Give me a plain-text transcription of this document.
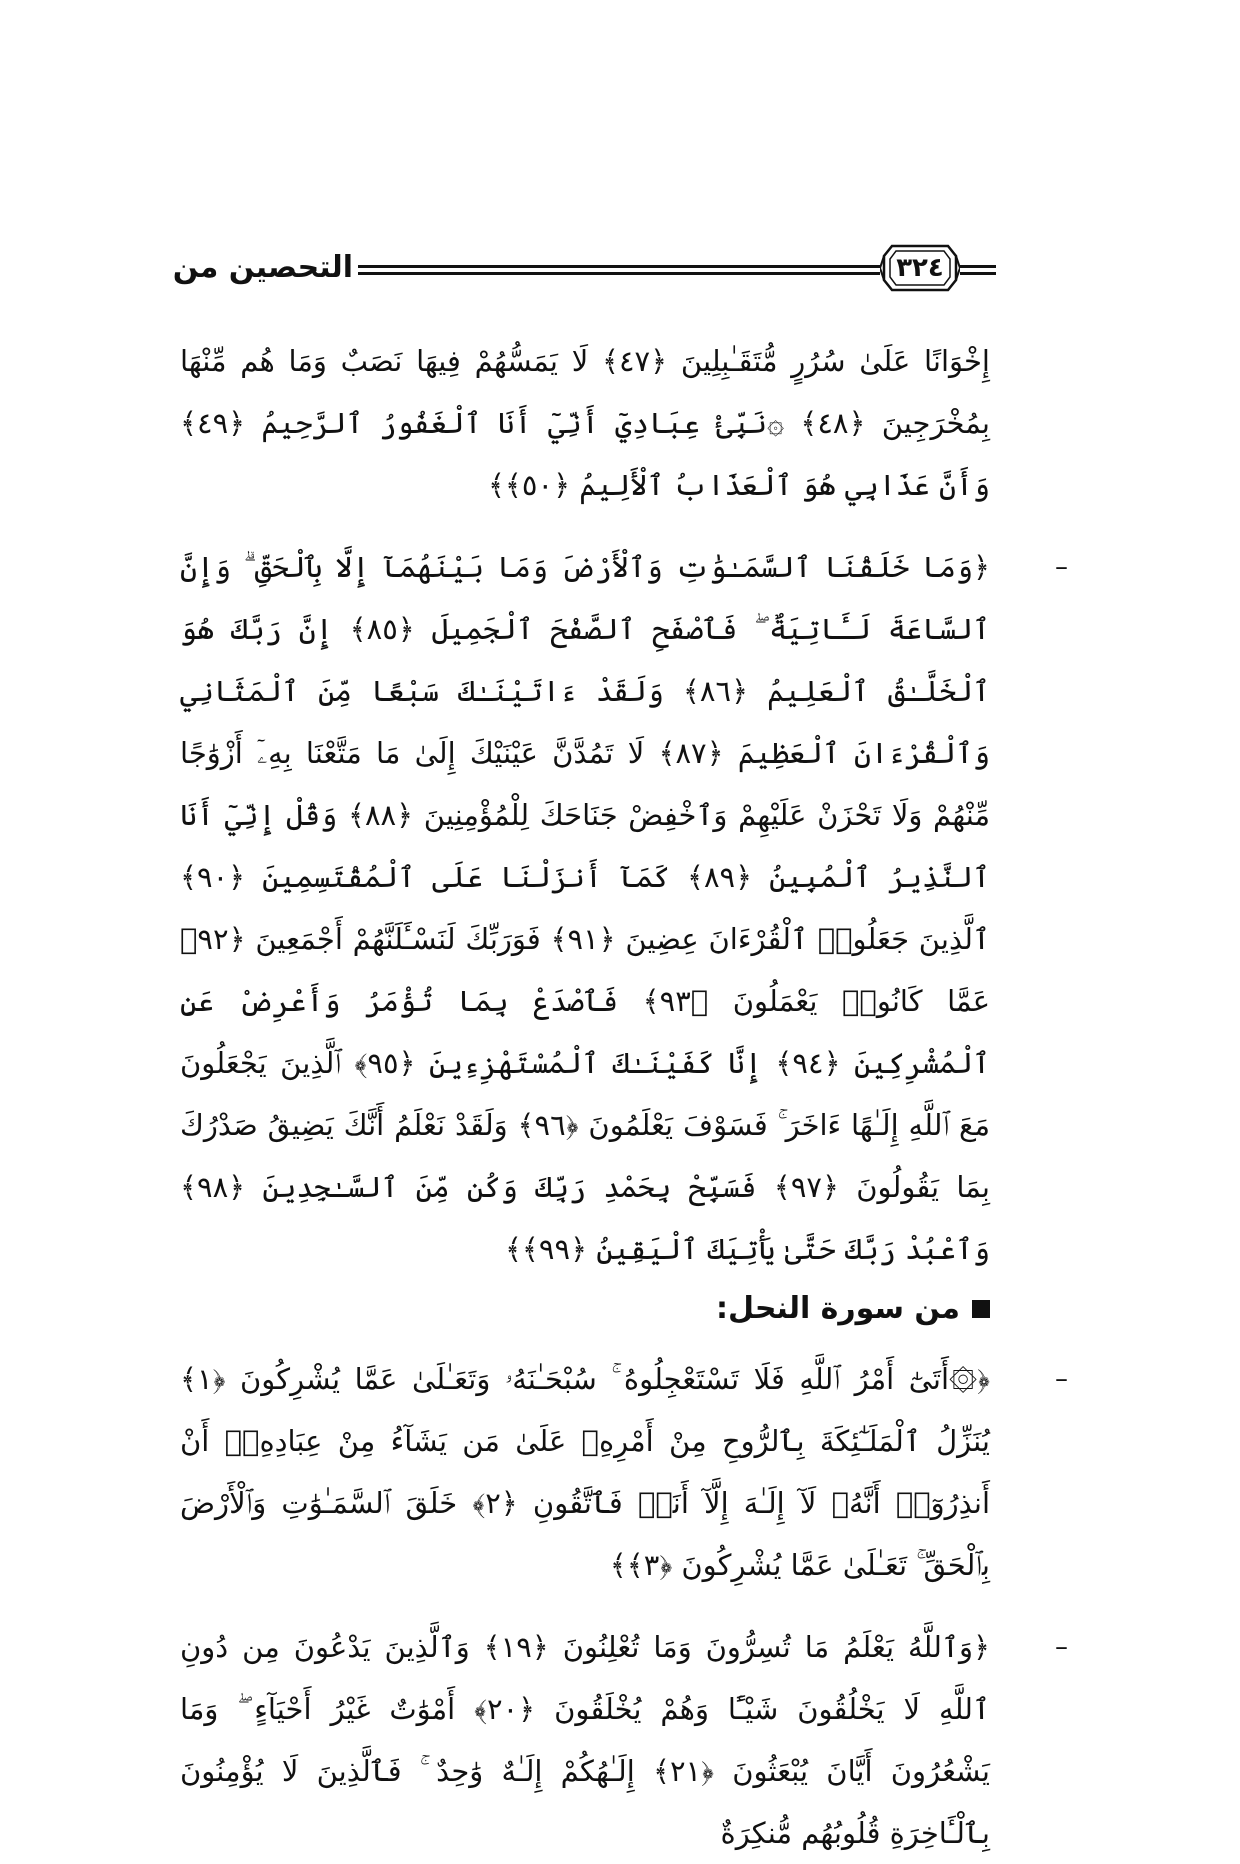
التحصين من	٣٢٤

إِخْوَانًا عَلَىٰ سُرُرٍ مُّتَقَـٰبِلِينَ ﴿٤٧﴾ لَا يَمَسُّهُمْ فِيهَا نَصَبٌ وَمَا هُم مِّنْهَا بِمُخْرَجِينَ ﴿٤٨﴾ ۞نَبِّئْ عِبَادِيٓ أَنِّيٓ أَنَا ٱلْغَفُورُ ٱلرَّحِيمُ ﴿٤٩﴾ وَأَنَّ عَذَابِي هُوَ ٱلْعَذَابُ ٱلْأَلِيمُ ﴿٥٠﴾﴾

–
﴿وَمَا خَلَقْنَا ٱلسَّمَـٰوَٰتِ وَٱلْأَرْضَ وَمَا بَيْنَهُمَآ إِلَّا بِٱلْحَقِّ ۗ وَإِنَّ ٱلسَّاعَةَ لَـَٔاتِيَةٌ ۖ فَٱصْفَحِ ٱلصَّفْحَ ٱلْجَمِيلَ ﴿٨٥﴾ إِنَّ رَبَّكَ هُوَ ٱلْخَلَّـٰقُ ٱلْعَلِيمُ ﴿٨٦﴾ وَلَقَدْ ءَاتَيْنَـٰكَ سَبْعًا مِّنَ ٱلْمَثَانِي وَٱلْقُرْءَانَ ٱلْعَظِيمَ ﴿٨٧﴾ لَا تَمُدَّنَّ عَيْنَيْكَ إِلَىٰ مَا مَتَّعْنَا بِهِۦٓ أَزْوَٰجًا مِّنْهُمْ وَلَا تَحْزَنْ عَلَيْهِمْ وَٱخْفِضْ جَنَاحَكَ لِلْمُؤْمِنِينَ ﴿٨٨﴾ وَقُلْ إِنِّيٓ أَنَا ٱلنَّذِيرُ ٱلْمُبِينُ ﴿٨٩﴾ كَمَآ أَنزَلْنَا عَلَى ٱلْمُقْتَسِمِينَ ﴿٩٠﴾ ٱلَّذِينَ جَعَلُوا۟ ٱلْقُرْءَانَ عِضِينَ ﴿٩١﴾ فَوَرَبِّكَ لَنَسْـَٔلَنَّهُمْ أَجْمَعِينَ ﴿٩٢﴾ عَمَّا كَانُوا۟ يَعْمَلُونَ ﴿٩٣﴾ فَٱصْدَعْ بِمَا تُؤْمَرُ وَأَعْرِضْ عَنِ ٱلْمُشْرِكِينَ ﴿٩٤﴾ إِنَّا كَفَيْنَـٰكَ ٱلْمُسْتَهْزِءِينَ ﴿٩٥﴾ ٱلَّذِينَ يَجْعَلُونَ مَعَ ٱللَّهِ إِلَـٰهًا ءَاخَرَ ۚ فَسَوْفَ يَعْلَمُونَ ﴿٩٦﴾ وَلَقَدْ نَعْلَمُ أَنَّكَ يَضِيقُ صَدْرُكَ بِمَا يَقُولُونَ ﴿٩٧﴾ فَسَبِّحْ بِحَمْدِ رَبِّكَ وَكُن مِّنَ ٱلسَّـٰجِدِينَ ﴿٩٨﴾ وَٱعْبُدْ رَبَّكَ حَتَّىٰ يَأْتِيَكَ ٱلْيَقِينُ ﴿٩٩﴾﴾

من سورة النحل:

–
﴿۞أَتَىٰٓ أَمْرُ ٱللَّهِ فَلَا تَسْتَعْجِلُوهُ ۚ سُبْحَـٰنَهُۥ وَتَعَـٰلَىٰ عَمَّا يُشْرِكُونَ ﴿١﴾ يُنَزِّلُ ٱلْمَلَـٰٓئِكَةَ بِٱلرُّوحِ مِنْ أَمْرِهِۦ عَلَىٰ مَن يَشَآءُ مِنْ عِبَادِهِۦٓ أَنْ أَنذِرُوٓا۟ أَنَّهُۥ لَآ إِلَـٰهَ إِلَّآ أَنَا۠ فَٱتَّقُونِ ﴿٢﴾ خَلَقَ ٱلسَّمَـٰوَٰتِ وَٱلْأَرْضَ بِٱلْحَقِّ ۚ تَعَـٰلَىٰ عَمَّا يُشْرِكُونَ ﴿٣﴾﴾

–
﴿وَٱللَّهُ يَعْلَمُ مَا تُسِرُّونَ وَمَا تُعْلِنُونَ ﴿١٩﴾ وَٱلَّذِينَ يَدْعُونَ مِن دُونِ ٱللَّهِ لَا يَخْلُقُونَ شَيْـًٔا وَهُمْ يُخْلَقُونَ ﴿٢٠﴾ أَمْوَٰتٌ غَيْرُ أَحْيَآءٍ ۖ وَمَا يَشْعُرُونَ أَيَّانَ يُبْعَثُونَ ﴿٢١﴾ إِلَـٰهُكُمْ إِلَـٰهٌ وَٰحِدٌ ۚ فَٱلَّذِينَ لَا يُؤْمِنُونَ بِٱلْـَٔاخِرَةِ قُلُوبُهُم مُّنكِرَةٌ
